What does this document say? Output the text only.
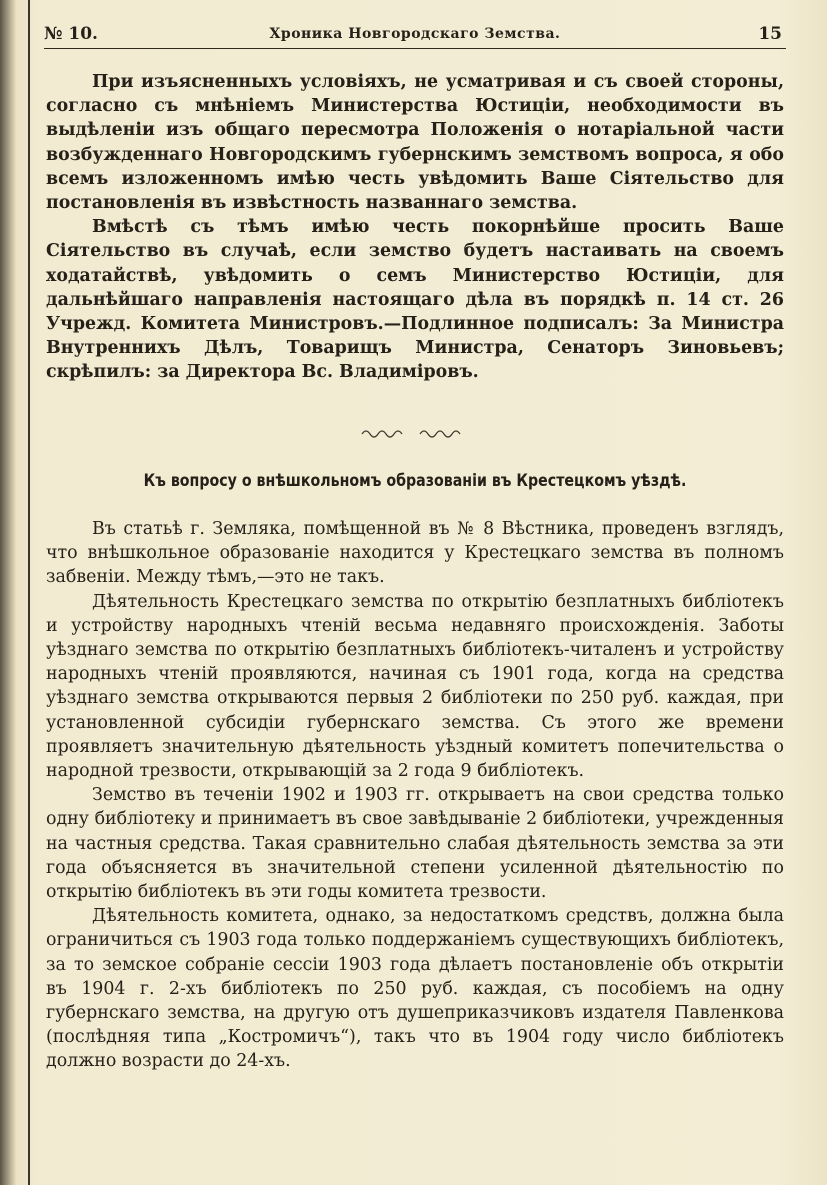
№ 10.	Хроника Новгородскаго Земства.	15

При изъясненныхъ условіяхъ, не усматривая и съ своей стороны, согласно съ мнѣніемъ Министерства Юстиціи, необходимости въ выдѣленіи изъ общаго пересмотра Положенія о нотаріальной части возбужденнаго Новгородскимъ губернскимъ земствомъ вопроса, я обо всемъ изложенномъ имѣю честь увѣдомить Ваше Сіятельство для постановленія въ извѣстность названнаго земства.

Вмѣстѣ съ тѣмъ имѣю честь покорнѣйше просить Ваше Сіятельство въ случаѣ, если земство будетъ настаивать на своемъ ходатайствѣ, увѣдомить о семъ Министерство Юстиціи, для дальнѣйшаго направленія настоящаго дѣла въ порядкѣ п. 14 ст. 26 Учрежд. Комитета Министровъ.—Подлинное подписалъ: За Министра Внутреннихъ Дѣлъ, Товарищъ Министра, Сенаторъ Зиновьевъ; скрѣпилъ: за Директора Вс. Владиміровъ.

Къ вопросу о внѣшкольномъ образованіи въ Крестецкомъ уѣздѣ.

Въ статьѣ г. Земляка, помѣщенной въ № 8 Вѣстника, проведенъ взглядъ, что внѣшкольное образованіе находится у Крестецкаго земства въ полномъ забвеніи. Между тѣмъ,—это не такъ.

Дѣятельность Крестецкаго земства по открытію безплатныхъ библіотекъ и устройству народныхъ чтеній весьма недавняго происхожденія. Заботы уѣзднаго земства по открытію безплатныхъ библіотекъ-читаленъ и устройству народныхъ чтеній проявляются, начиная съ 1901 года, когда на средства уѣзднаго земства открываются первыя 2 библіотеки по 250 руб. каждая, при установленной субсидіи губернскаго земства. Съ этого же времени проявляетъ значительную дѣятельность уѣздный комитетъ попечительства о народной трезвости, открывающій за 2 года 9 библіотекъ.

Земство въ теченіи 1902 и 1903 гг. открываетъ на свои средства только одну библіотеку и принимаетъ въ свое завѣдываніе 2 библіотеки, учрежденныя на частныя средства. Такая сравнительно слабая дѣятельность земства за эти года объясняется въ значительной степени усиленной дѣятельностію по открытію библіотекъ въ эти годы комитета трезвости.

Дѣятельность комитета, однако, за недостаткомъ средствъ, должна была ограничиться съ 1903 года только поддержаніемъ существующихъ библіотекъ, за то земское собраніе сессіи 1903 года дѣлаетъ постановленіе объ открытіи въ 1904 г. 2-хъ библіотекъ по 250 руб. каждая, съ пособіемъ на одну губернскаго земства, на другую отъ душеприказчиковъ издателя Павленкова (послѣдняя типа „Костромичъ“), такъ что въ 1904 году число библіотекъ должно возрасти до 24-хъ.
